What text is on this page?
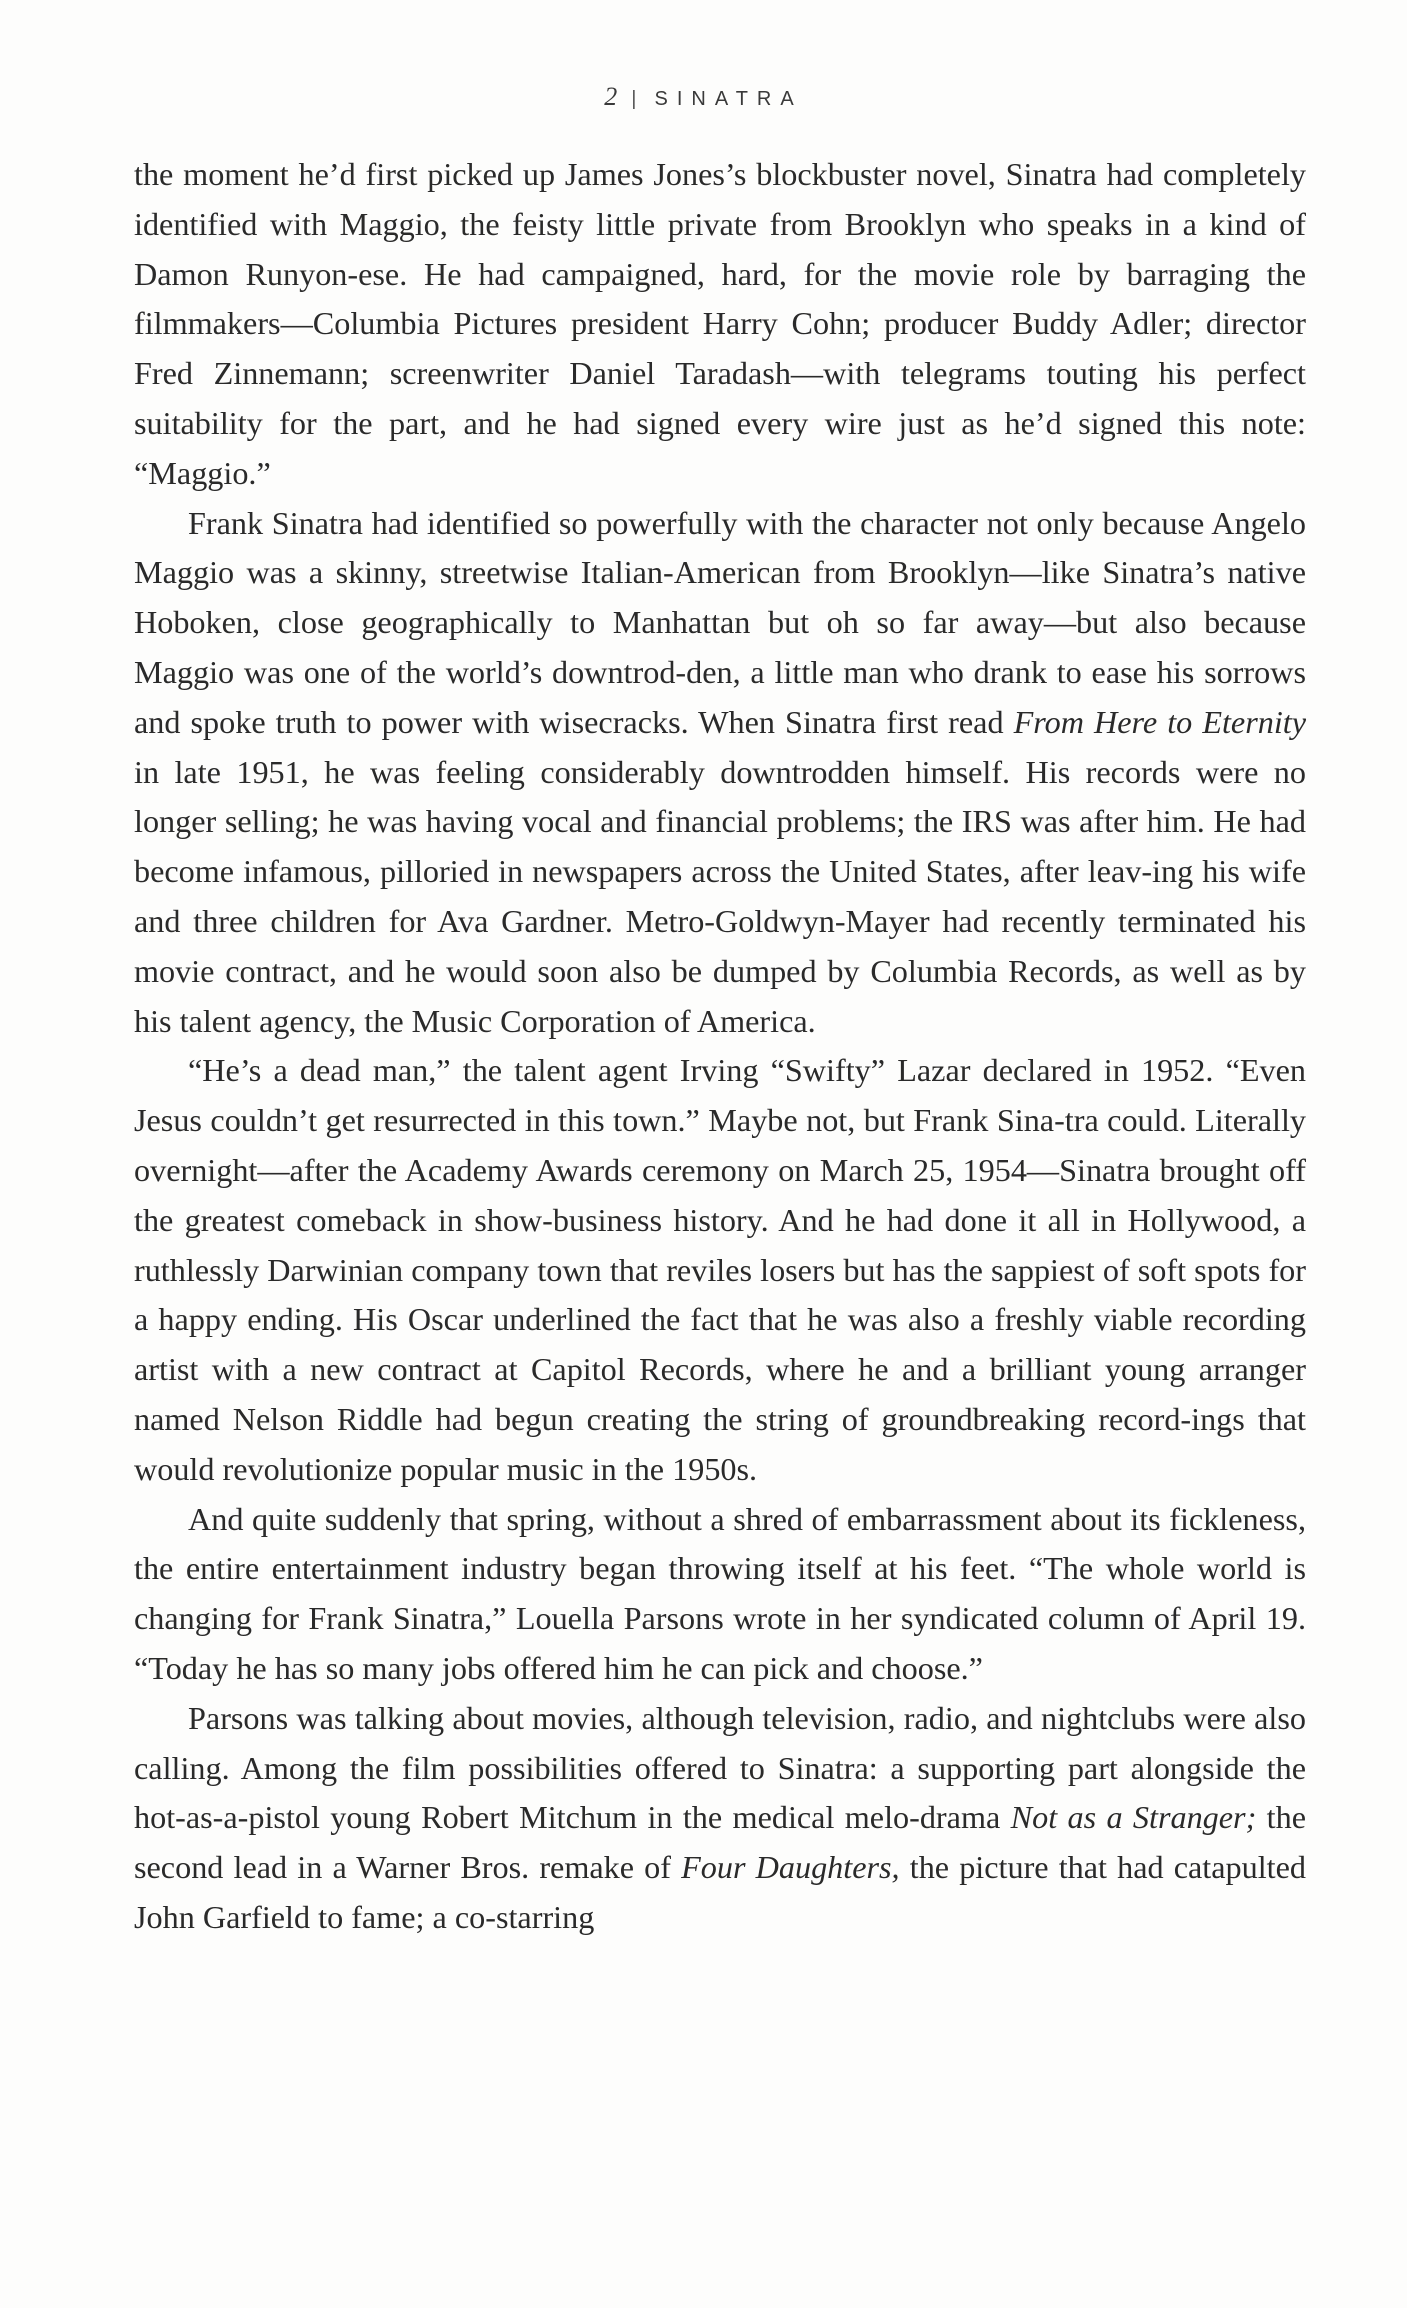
2 | SINATRA

the moment he’d first picked up James Jones’s blockbuster novel, Sinatra had completely identified with Maggio, the feisty little private from Brooklyn who speaks in a kind of Damon Runyon-ese. He had campaigned, hard, for the movie role by barraging the filmmakers—Columbia Pictures president Harry Cohn; producer Buddy Adler; director Fred Zinnemann; screenwriter Daniel Taradash—with telegrams touting his perfect suitability for the part, and he had signed every wire just as he’d signed this note: “Maggio.”

Frank Sinatra had identified so powerfully with the character not only because Angelo Maggio was a skinny, streetwise Italian-American from Brooklyn—like Sinatra’s native Hoboken, close geographically to Manhattan but oh so far away—but also because Maggio was one of the world’s downtrod-den, a little man who drank to ease his sorrows and spoke truth to power with wisecracks. When Sinatra first read From Here to Eternity in late 1951, he was feeling considerably downtrodden himself. His records were no longer selling; he was having vocal and financial problems; the IRS was after him. He had become infamous, pilloried in newspapers across the United States, after leav-ing his wife and three children for Ava Gardner. Metro-Goldwyn-Mayer had recently terminated his movie contract, and he would soon also be dumped by Columbia Records, as well as by his talent agency, the Music Corporation of America.

“He’s a dead man,” the talent agent Irving “Swifty” Lazar declared in 1952. “Even Jesus couldn’t get resurrected in this town.” Maybe not, but Frank Sina-tra could. Literally overnight—after the Academy Awards ceremony on March 25, 1954—Sinatra brought off the greatest comeback in show-business history. And he had done it all in Hollywood, a ruthlessly Darwinian company town that reviles losers but has the sappiest of soft spots for a happy ending. His Oscar underlined the fact that he was also a freshly viable recording artist with a new contract at Capitol Records, where he and a brilliant young arranger named Nelson Riddle had begun creating the string of groundbreaking record-ings that would revolutionize popular music in the 1950s.

And quite suddenly that spring, without a shred of embarrassment about its fickleness, the entire entertainment industry began throwing itself at his feet. “The whole world is changing for Frank Sinatra,” Louella Parsons wrote in her syndicated column of April 19. “Today he has so many jobs offered him he can pick and choose.”

Parsons was talking about movies, although television, radio, and nightclubs were also calling. Among the film possibilities offered to Sinatra: a supporting part alongside the hot-as-a-pistol young Robert Mitchum in the medical melo-drama Not as a Stranger; the second lead in a Warner Bros. remake of Four Daughters, the picture that had catapulted John Garfield to fame; a co-starring
